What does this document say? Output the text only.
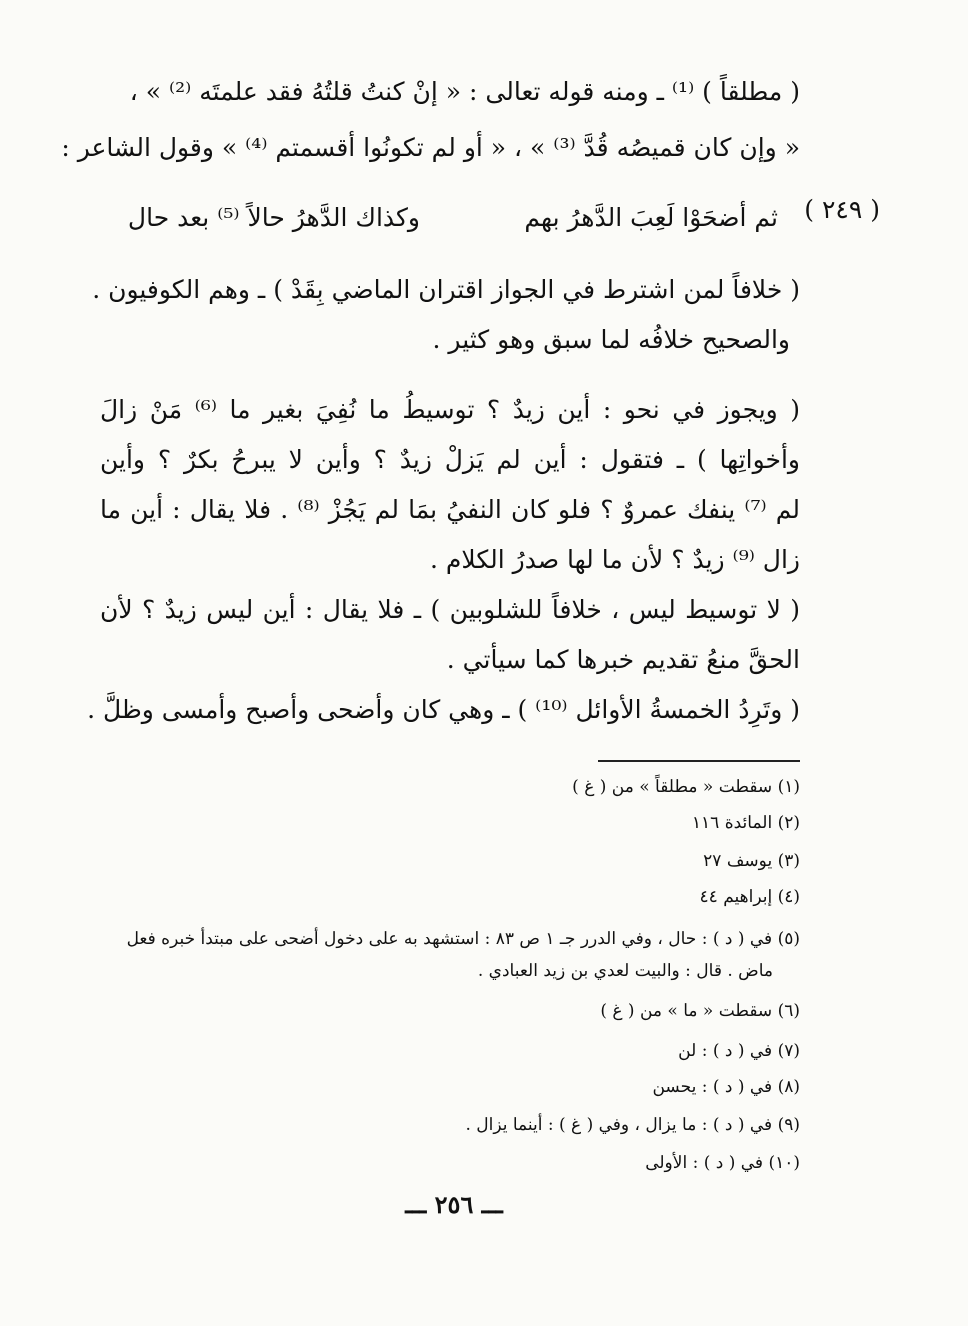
( مطلقاً ) ⁽¹⁾ ـ ومنه قوله تعالى : « إنْ كنتُ قلتُهُ فقد علمتَه ⁽²⁾ » ،
« وإن كان قميصُه قُدَّ ⁽³⁾ » ، « أو لم تكونُوا أقسمتم ⁽⁴⁾ » وقول الشاعر :
( ٢٤٩ )
ثم أضحَوْا لَعِبَ الدَّهرُ بهم
وكذاك الدَّهرُ حالاً ⁽⁵⁾ بعد حال
( خلافاً لمن اشترط في الجواز اقتران الماضي بِقَدْ ) ـ وهم الكوفيون .
والصحيح خلافُه لما سبق وهو كثير .
( ويجوز في نحو : أين زيدٌ ؟ توسيطُ ما نُفِيَ بغير ما ⁽⁶⁾ مَنْ زالَ
وأخواتِها ) ـ فتقول : أين لم يَزلْ زيدٌ ؟ وأين لا يبرحُ بكرٌ ؟ وأين
لم ⁽⁷⁾ ينفك عمروٌ ؟ فلو كان النفيُ بمَا لم يَجُزْ ⁽⁸⁾ . فلا يقال : أين ما
زال ⁽⁹⁾ زيدٌ ؟ لأن ما لها صدرُ الكلام .
( لا توسيط ليس ، خلافاً للشلوبين ) ـ فلا يقال : أين ليس زيدٌ ؟ لأن
الحقَّ منعُ تقديم خبرها كما سيأتي .
( وتَرِدُ الخمسةُ الأوائل ⁽¹⁰⁾ ) ـ وهي كان وأضحى وأصبح وأمسى وظلَّ .
(١) سقطت « مطلقاً » من ( غ )
(٢) المائدة ١١٦
(٣) يوسف ٢٧
(٤) إبراهيم ٤٤
(٥) في ( د ) : حال ، وفي الدرر جـ ١ ص ٨٣ : استشهد به على دخول أضحى على مبتدأ خبره فعل
ماض . قال : والبيت لعدي بن زيد العبادي .
(٦) سقطت « ما » من ( غ )
(٧) في ( د ) : لن
(٨) في ( د ) : يحسن
(٩) في ( د ) : ما يزال ، وفي ( غ ) : أينما يزال .
(١٠) في ( د ) : الأولى
ـــ ٢٥٦ ـــ
